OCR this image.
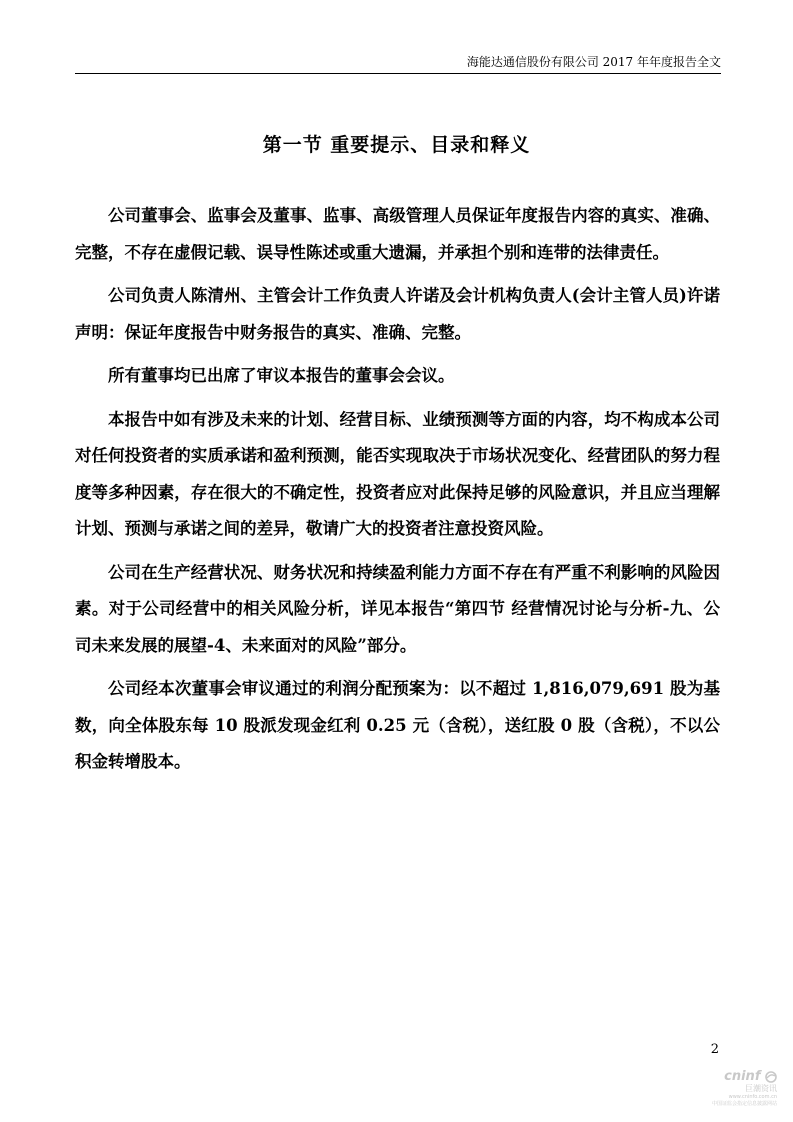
海能达通信股份有限公司 2017 年年度报告全文
第一节 重要提示、目录和释义

公司董事会、监事会及董事、监事、高级管理人员保证年度报告内容的真实、准确、完整，不存在虚假记载、误导性陈述或重大遗漏，并承担个别和连带的法律责任。

公司负责人陈清州、主管会计工作负责人许诺及会计机构负责人(会计主管人员)许诺声明：保证年度报告中财务报告的真实、准确、完整。

所有董事均已出席了审议本报告的董事会会议。

本报告中如有涉及未来的计划、经营目标、业绩预测等方面的内容，均不构成本公司对任何投资者的实质承诺和盈利预测，能否实现取决于市场状况变化、经营团队的努力程度等多种因素，存在很大的不确定性，投资者应对此保持足够的风险意识，并且应当理解计划、预测与承诺之间的差异，敬请广大的投资者注意投资风险。

公司在生产经营状况、财务状况和持续盈利能力方面不存在有严重不利影响的风险因素。对于公司经营中的相关风险分析，详见本报告“第四节 经营情况讨论与分析-九、公司未来发展的展望-4、未来面对的风险”部分。

公司经本次董事会审议通过的利润分配预案为：以不超过 1,816,079,691 股为基数，向全体股东每 10 股派发现金红利 0.25 元（含税），送红股 0 股（含税），不以公积金转增股本。

2
cninf
巨潮资讯
www.cninfo.com.cn
中国证监会指定信息披露网站
